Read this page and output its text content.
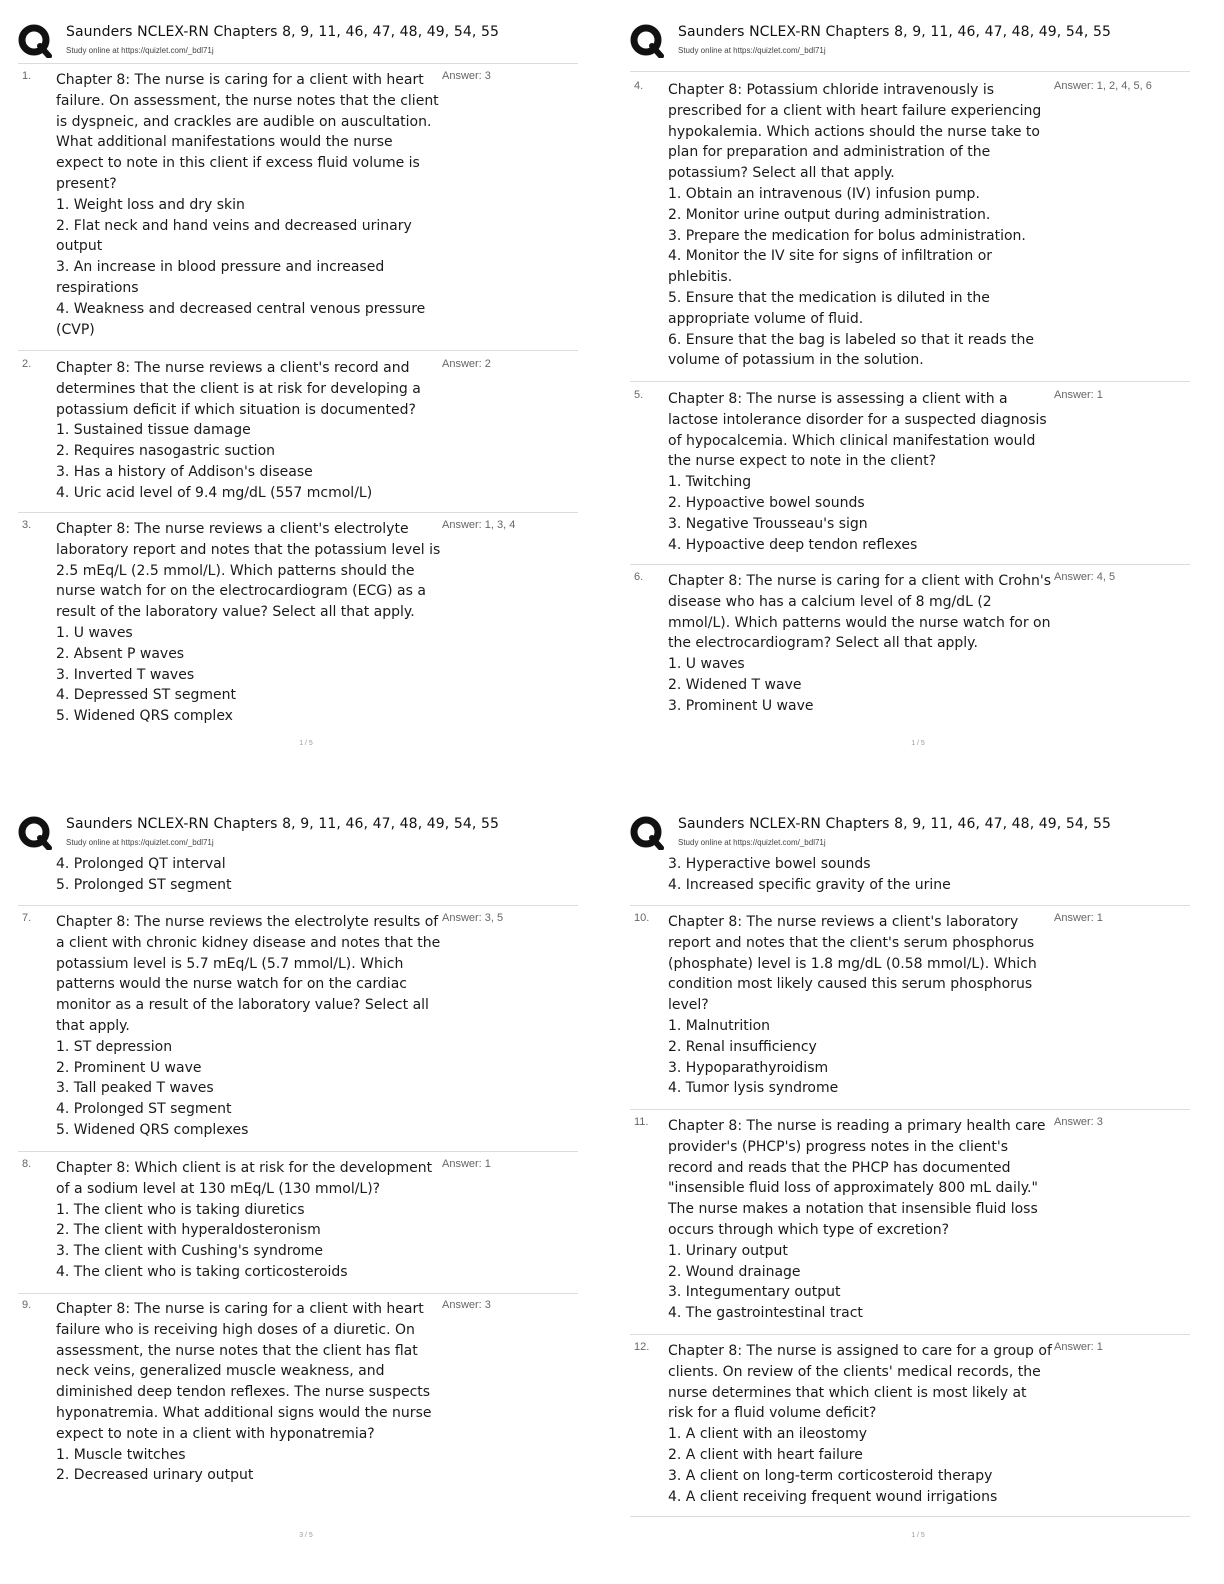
Saunders NCLEX-RN Chapters 8, 9, 11, 46, 47, 48, 49, 54, 55
Study online at https://quizlet.com/_bdl71j
1. Chapter 8: The nurse is caring for a client with heart failure. On assessment, the nurse notes that the client is dyspneic, and crackles are audible on auscultation. What additional manifestations would the nurse expect to note in this client if excess fluid volume is present?

1. Weight loss and dry skin

2. Flat neck and hand veins and decreased urinary output

3. An increase in blood pressure and increased respirations

4. Weakness and decreased central venous pressure (CVP)

Answer: 3
2. Chapter 8: The nurse reviews a client's record and determines that the client is at risk for developing a potassium deficit if which situation is documented?

1. Sustained tissue damage

2. Requires nasogastric suction

3. Has a history of Addison's disease

4. Uric acid level of 9.4 mg/dL (557 mcmol/L)

Answer: 2
3. Chapter 8: The nurse reviews a client's electrolyte laboratory report and notes that the potassium level is 2.5 mEq/L (2.5 mmol/L). Which patterns should the nurse watch for on the electrocardiogram (ECG) as a result of the laboratory value? Select all that apply.

1. U waves

2. Absent P waves

3. Inverted T waves

4. Depressed ST segment

5. Widened QRS complex

Answer: 1, 3, 4
1 / 5
Saunders NCLEX-RN Chapters 8, 9, 11, 46, 47, 48, 49, 54, 55
Study online at https://quizlet.com/_bdl71j
4. Chapter 8: Potassium chloride intravenously is prescribed for a client with heart failure experiencing hypokalemia. Which actions should the nurse take to plan for preparation and administration of the potassium? Select all that apply.

1. Obtain an intravenous (IV) infusion pump.

2. Monitor urine output during administration.

3. Prepare the medication for bolus administration.

4. Monitor the IV site for signs of infiltration or phlebitis.

5. Ensure that the medication is diluted in the appropriate volume of fluid.

6. Ensure that the bag is labeled so that it reads the volume of potassium in the solution.

Answer: 1, 2, 4, 5, 6
5. Chapter 8: The nurse is assessing a client with a lactose intolerance disorder for a suspected diagnosis of hypocalcemia. Which clinical manifestation would the nurse expect to note in the client?

1. Twitching

2. Hypoactive bowel sounds

3. Negative Trousseau's sign

4. Hypoactive deep tendon reflexes

Answer: 1
6. Chapter 8: The nurse is caring for a client with Crohn's disease who has a calcium level of 8 mg/dL (2 mmol/L). Which patterns would the nurse watch for on the electrocardiogram? Select all that apply.

1. U waves

2. Widened T wave

3. Prominent U wave

Answer: 4, 5
1 / 5
Saunders NCLEX-RN Chapters 8, 9, 11, 46, 47, 48, 49, 54, 55
Study online at https://quizlet.com/_bdl71j

4. Prolonged QT interval

5. Prolonged ST segment

7. Chapter 8: The nurse reviews the electrolyte results of a client with chronic kidney disease and notes that the potassium level is 5.7 mEq/L (5.7 mmol/L). Which patterns would the nurse watch for on the cardiac monitor as a result of the laboratory value? Select all that apply.

1. ST depression

2. Prominent U wave

3. Tall peaked T waves

4. Prolonged ST segment

5. Widened QRS complexes

Answer: 3, 5
8. Chapter 8: Which client is at risk for the development of a sodium level at 130 mEq/L (130 mmol/L)?

1. The client who is taking diuretics

2. The client with hyperaldosteronism

3. The client with Cushing's syndrome

4. The client who is taking corticosteroids

Answer: 1
9. Chapter 8: The nurse is caring for a client with heart failure who is receiving high doses of a diuretic. On assessment, the nurse notes that the client has flat neck veins, generalized muscle weakness, and diminished deep tendon reflexes. The nurse suspects hyponatremia. What additional signs would the nurse expect to note in a client with hyponatremia?

1. Muscle twitches

2. Decreased urinary output

Answer: 3
3 / 5
Saunders NCLEX-RN Chapters 8, 9, 11, 46, 47, 48, 49, 54, 55
Study online at https://quizlet.com/_bdl71j

3. Hyperactive bowel sounds

4. Increased specific gravity of the urine

10. Chapter 8: The nurse reviews a client's laboratory report and notes that the client's serum phosphorus (phosphate) level is 1.8 mg/dL (0.58 mmol/L). Which condition most likely caused this serum phosphorus level?

1. Malnutrition

2. Renal insufficiency

3. Hypoparathyroidism

4. Tumor lysis syndrome

Answer: 1
11. Chapter 8: The nurse is reading a primary health care provider's (PHCP's) progress notes in the client's record and reads that the PHCP has documented "insensible fluid loss of approximately 800 mL daily." The nurse makes a notation that insensible fluid loss occurs through which type of excretion?

1. Urinary output

2. Wound drainage

3. Integumentary output

4. The gastrointestinal tract

Answer: 3
12. Chapter 8: The nurse is assigned to care for a group of clients. On review of the clients' medical records, the nurse determines that which client is most likely at risk for a fluid volume deficit?

1. A client with an ileostomy

2. A client with heart failure

3. A client on long-term corticosteroid therapy

4. A client receiving frequent wound irrigations

Answer: 1
1 / 5
